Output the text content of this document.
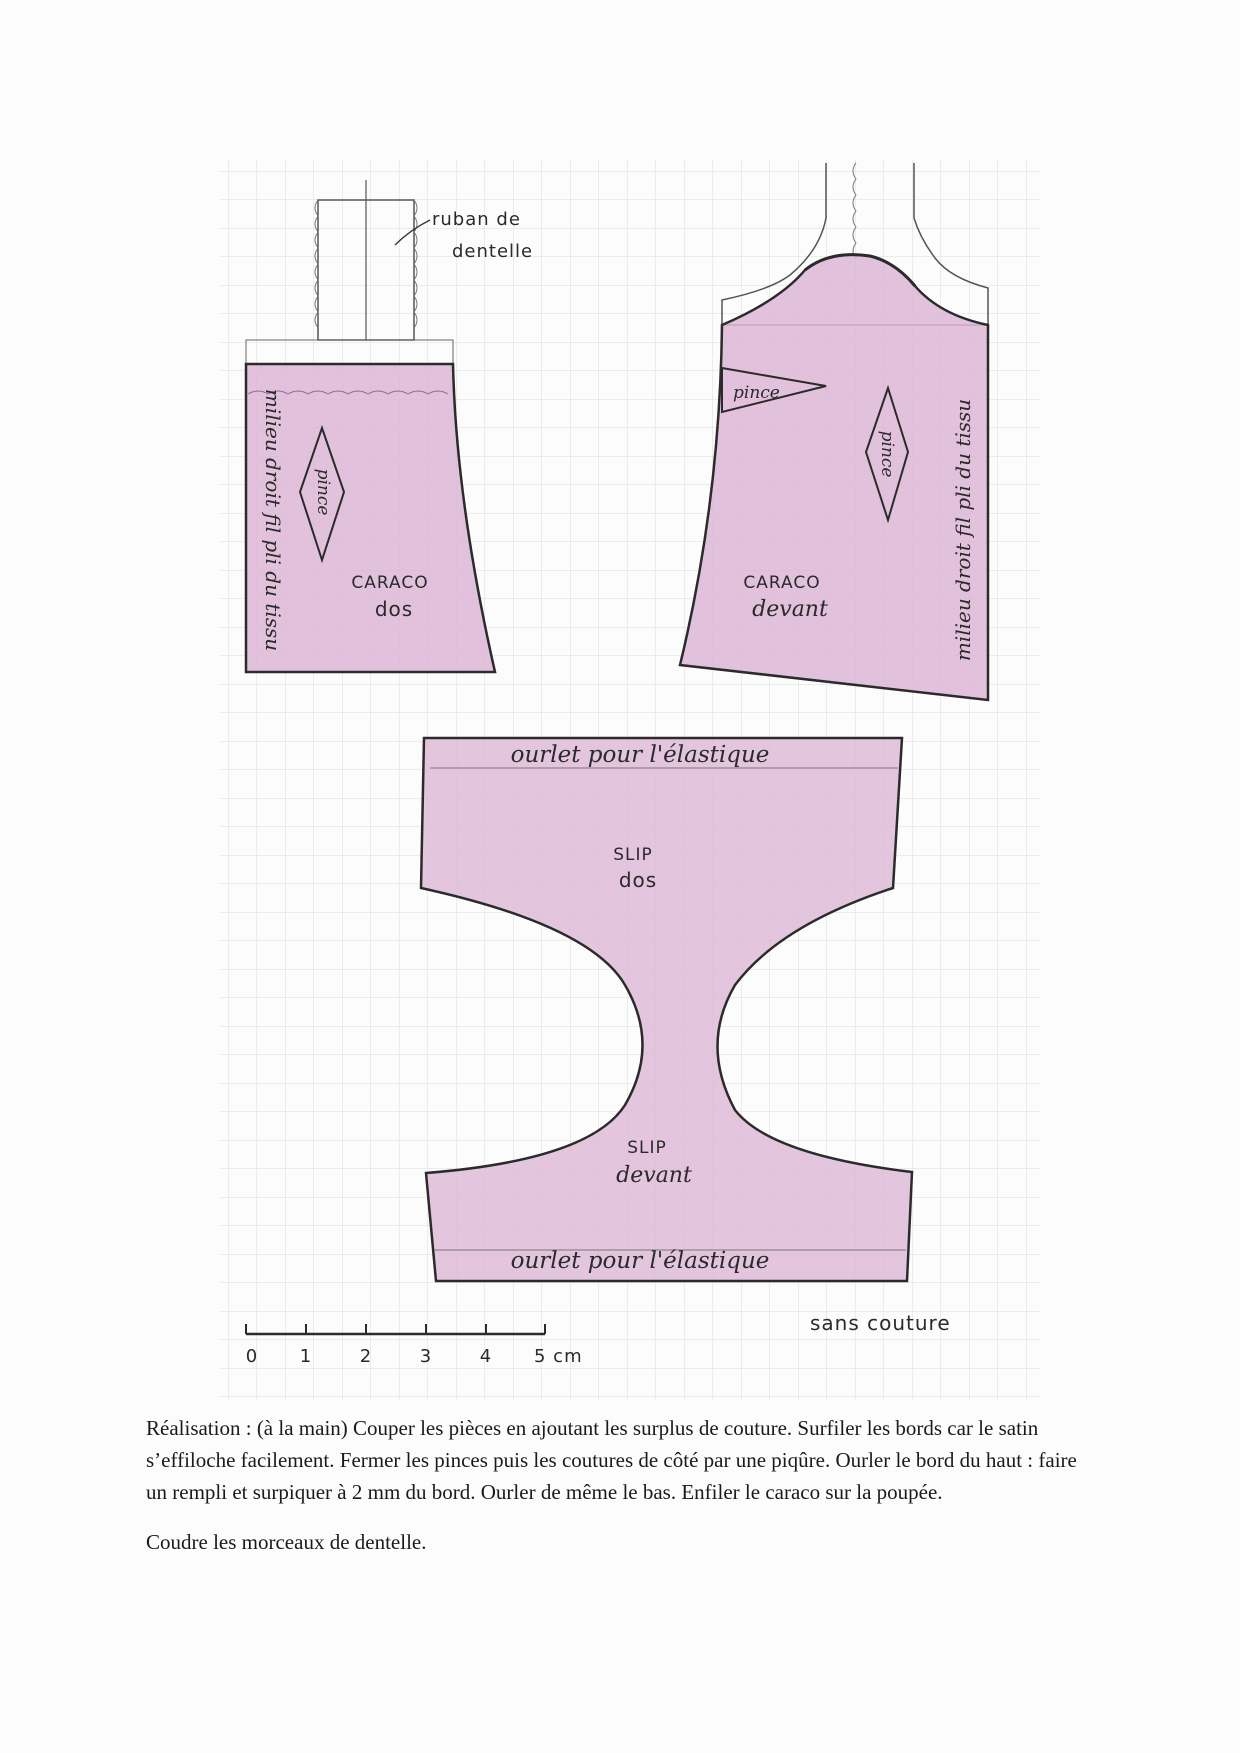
pince
milieu droit fil pli du tissu	CARACO
dos
ruban de
dentelle
pince
pince	milieu droit fil pli du tissu
CARACO
devant
ourlet pour l'élastique
SLIP
dos
SLIP
devant
ourlet pour l'élastique
0 1	2	3	4 5 cm
sans couture

Réalisation : (à la main) Couper les pièces en ajoutant les surplus de couture. Surfiler les bords car le satin s’effiloche facilement. Fermer les pinces puis les coutures de côté par une piqûre. Ourler le bord du haut : faire un rempli et surpiquer à 2 mm du bord. Ourler de même le bas. Enfiler le caraco sur la poupée.

Coudre les morceaux de dentelle.
